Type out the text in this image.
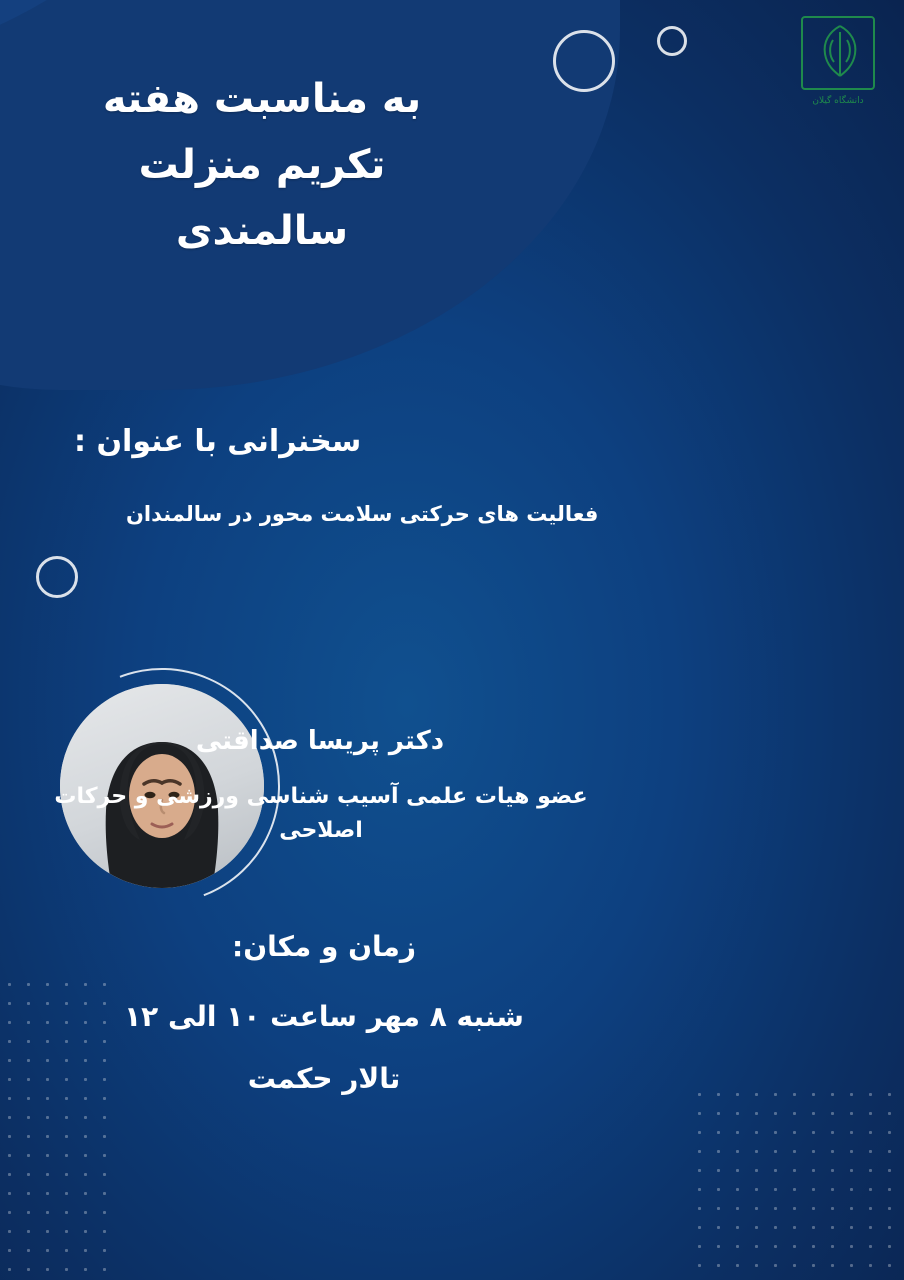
دانشگاه گیلان
به مناسبت هفته تکریم منزلت سالمندی
سخنرانی با عنوان :
فعالیت های حرکتی سلامت محور در سالمندان
دکتر پریسا صداقتی
عضو هیات علمی آسیب شناسی ورزشی و حرکات اصلاحی
زمان و مکان:
شنبه ۸ مهر ساعت ۱۰ الی ۱۲
تالار حکمت
